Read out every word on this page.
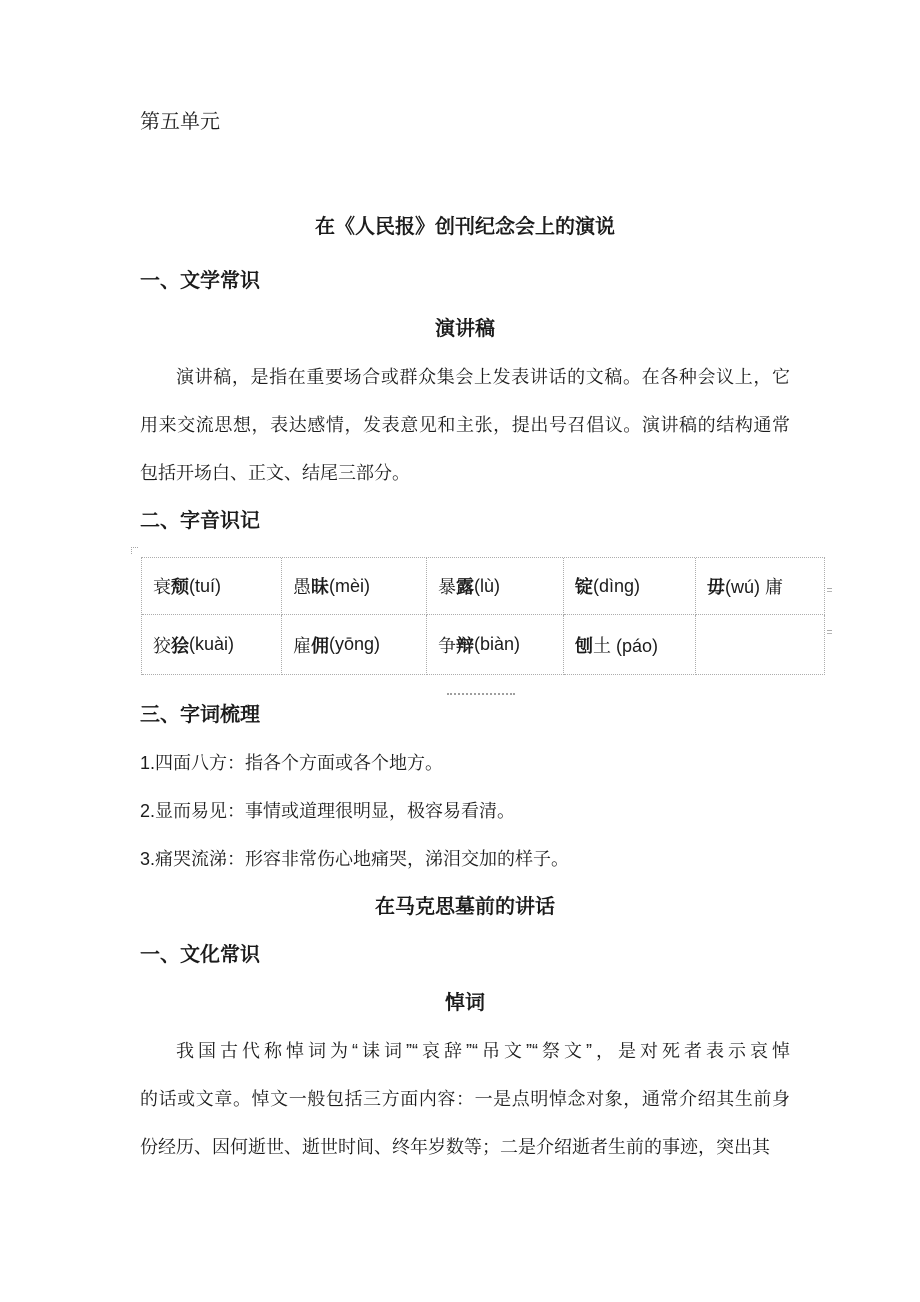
第五单元
在《人民报》创刊纪念会上的演说
一、文学常识
演讲稿
演讲稿，是指在重要场合或群众集会上发表讲话的文稿。在各种会议上，它
用来交流思想，表达感情，发表意见和主张，提出号召倡议。演讲稿的结构通常
包括开场白、正文、结尾三部分。
二、字音识记
衰 颓 (tuí)	愚 昧 (mèi)	暴 露 (lù)	锭 (dìng)	毋 (wú) 庸
狡 狯 (kuài)	雇 佣 (yōng)	争 辩 (biàn)	刨 土 (páo)
三、字词梳理
1.四面八方：指各个方面或各个地方。
2.显而易见：事情或道理很明显，极容易看清。
3.痛哭流涕：形容非常伤心地痛哭，涕泪交加的样子。
在马克思墓前的讲话
一、文化常识
悼词
我国古代称悼词为“诔词”“哀辞”“吊文”“祭文”，是对死者表示哀悼
的话或文章。悼文一般包括三方面内容：一是点明悼念对象，通常介绍其生前身
份经历、因何逝世、逝世时间、终年岁数等；二是介绍逝者生前的事迹，突出其
